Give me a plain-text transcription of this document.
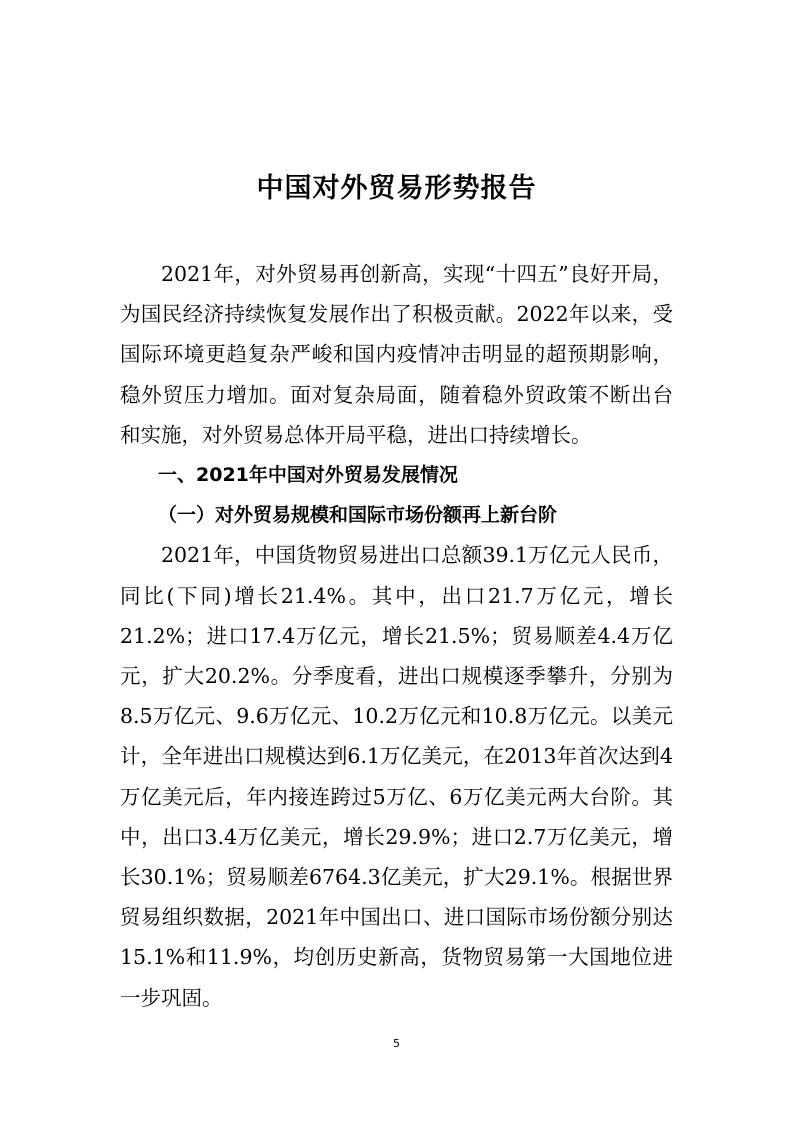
中国对外贸易形势报告

2021年，对外贸易再创新高，实现“十四五”良好开局，为国民经济持续恢复发展作出了积极贡献。2022年以来，受国际环境更趋复杂严峻和国内疫情冲击明显的超预期影响，稳外贸压力增加。面对复杂局面，随着稳外贸政策不断出台和实施，对外贸易总体开局平稳，进出口持续增长。

一、2021年中国对外贸易发展情况

（一）对外贸易规模和国际市场份额再上新台阶

2021年，中国货物贸易进出口总额39.1万亿元人民币，同比(下同)增长21.4%。其中，出口21.7万亿元，增长21.2%；进口17.4万亿元，增长21.5%；贸易顺差4.4万亿元，扩大20.2%。分季度看，进出口规模逐季攀升，分别为8.5万亿元、9.6万亿元、10.2万亿元和10.8万亿元。以美元计，全年进出口规模达到6.1万亿美元，在2013年首次达到4万亿美元后，年内接连跨过5万亿、6万亿美元两大台阶。其中，出口3.4万亿美元，增长29.9%；进口2.7万亿美元，增长30.1%；贸易顺差6764.3亿美元，扩大29.1%。根据世界贸易组织数据，2021年中国出口、进口国际市场份额分别达15.1%和11.9%，均创历史新高，货物贸易第一大国地位进一步巩固。

5
